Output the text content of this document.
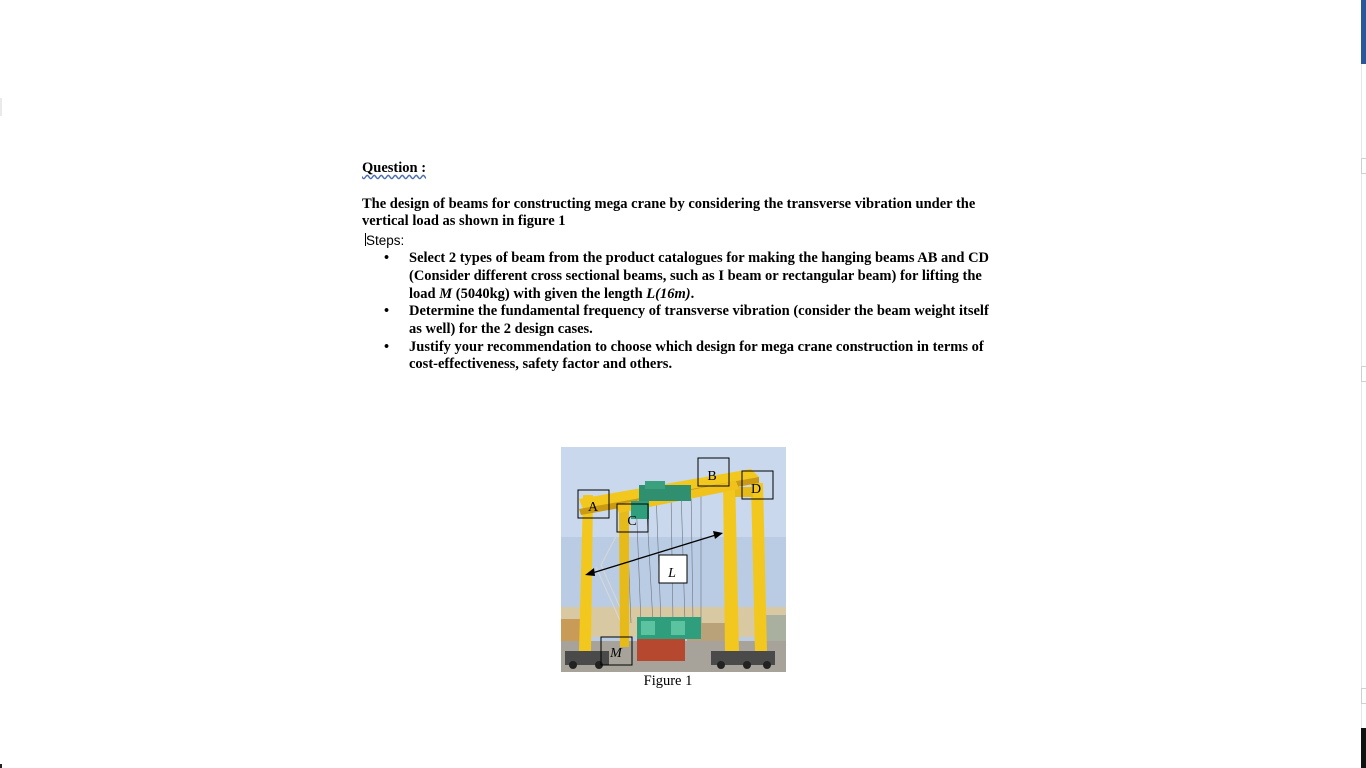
Question :

The design of beams for constructing mega crane by considering the transverse vibration under the vertical load as shown in figure 1

Steps:
• Select 2 types of beam from the product catalogues for making the hanging beams AB and CD (Consider different cross sectional beams, such as I beam or rectangular beam) for lifting the load M (5040kg) with given the length L(16m).
• Determine the fundamental frequency of transverse vibration (consider the beam weight itself as well) for the 2 design cases.
• Justify your recommendation to choose which design for mega crane construction in terms of cost-effectiveness, safety factor and others.
A
B
C
D
L
M
Figure 1
